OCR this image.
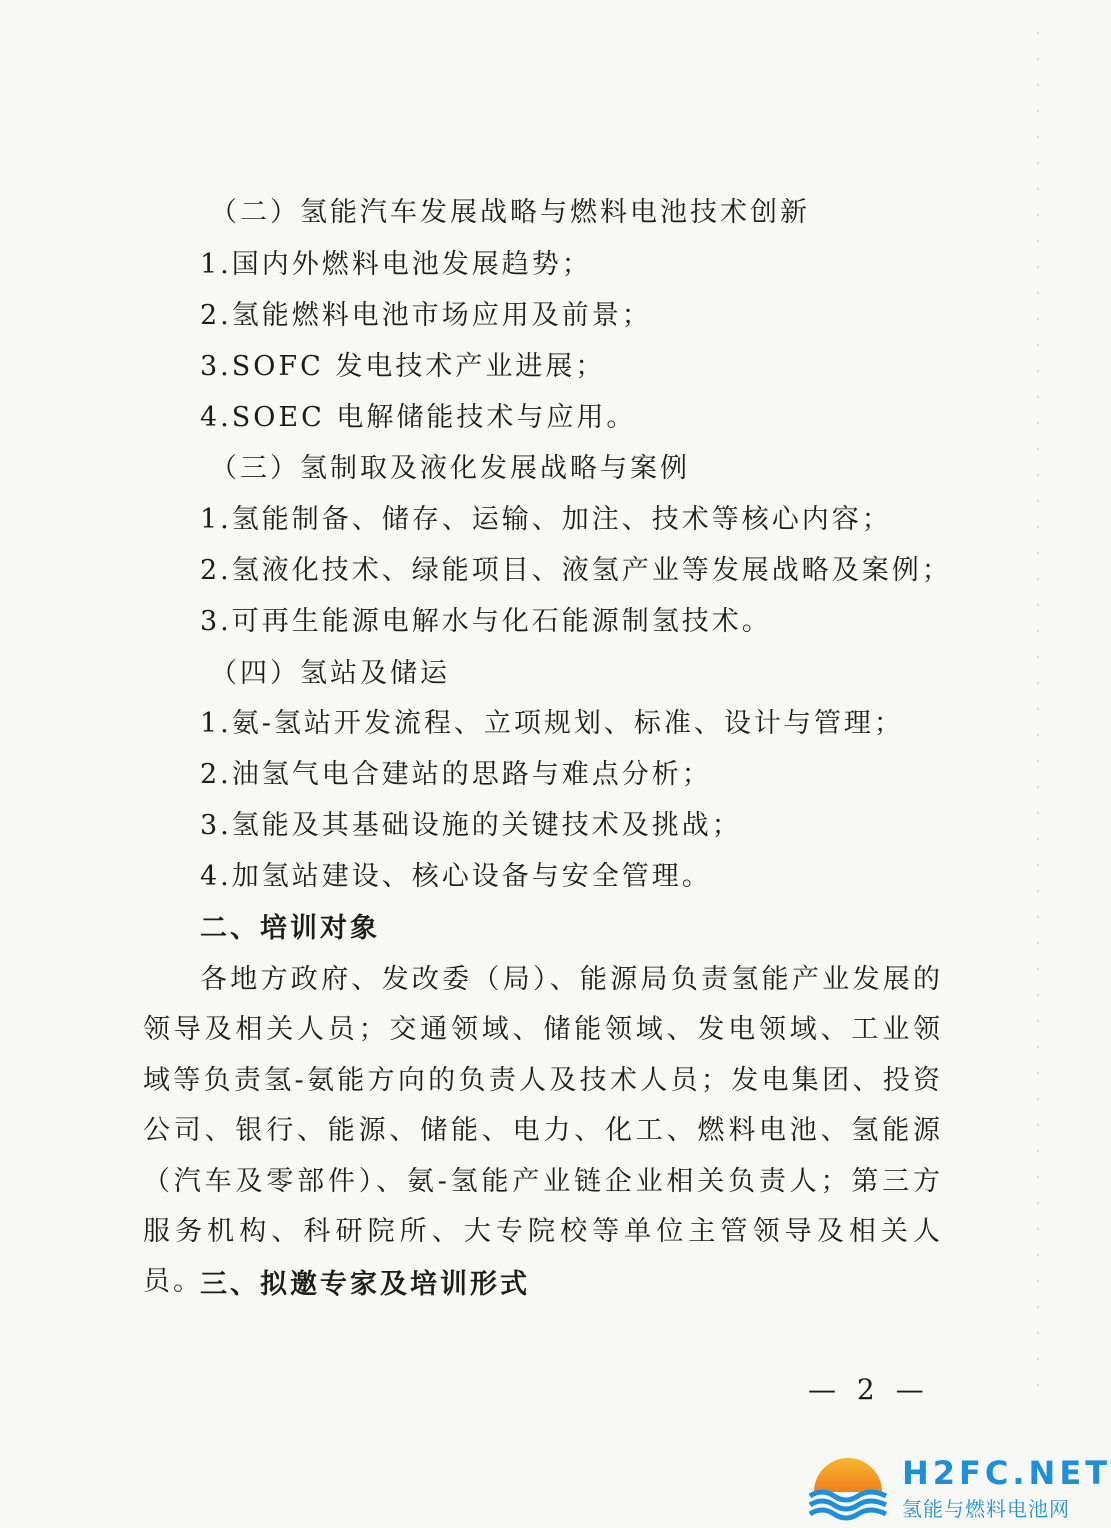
（二）氢能汽车发展战略与燃料电池技术创新
1.国内外燃料电池发展趋势；
2.氢能燃料电池市场应用及前景；
3.SOFC 发电技术产业进展；
4.SOEC 电解储能技术与应用。
（三）氢制取及液化发展战略与案例
1.氢能制备、储存、运输、加注、技术等核心内容；
2.氢液化技术、绿能项目、液氢产业等发展战略及案例；
3.可再生能源电解水与化石能源制氢技术。
（四）氢站及储运
1.氨-氢站开发流程、立项规划、标准、设计与管理；
2.油氢气电合建站的思路与难点分析；
3.氢能及其基础设施的关键技术及挑战；
4.加氢站建设、核心设备与安全管理。
二、培训对象
各地方政府、发改委（局）、能源局负责氢能产业发展的领导及相关人员；交通领域、储能领域、发电领域、工业领域等负责氢-氨能方向的负责人及技术人员；发电集团、投资公司、银行、能源、储能、电力、化工、燃料电池、氢能源（汽车及零部件）、氨-氢能产业链企业相关负责人；第三方服务机构、科研院所、大专院校等单位主管领导及相关人员。
三、拟邀专家及培训形式
— 2 —
H2FC.NET
氢能与燃料电池网
